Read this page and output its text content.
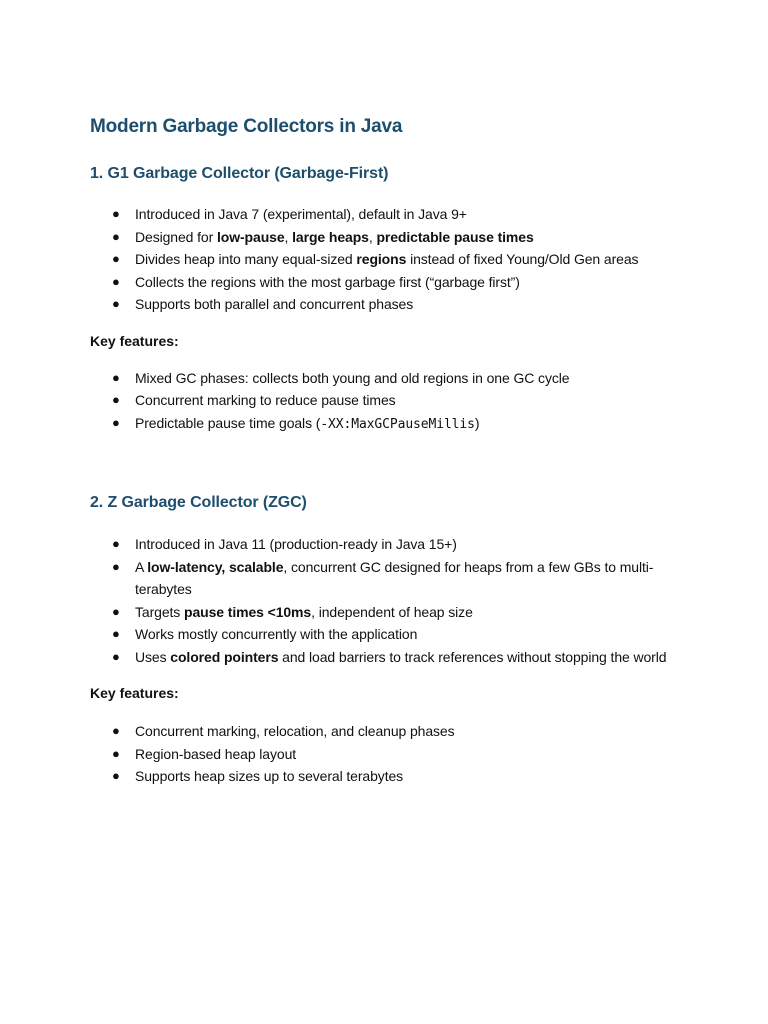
Modern Garbage Collectors in Java
1. G1 Garbage Collector (Garbage-First)
● Introduced in Java 7 (experimental), default in Java 9+
● Designed for low-pause, large heaps, predictable pause times
● Divides heap into many equal-sized regions instead of fixed Young/Old Gen areas
● Collects the regions with the most garbage first (“garbage first”)
● Supports both parallel and concurrent phases

Key features:

● Mixed GC phases: collects both young and old regions in one GC cycle
● Concurrent marking to reduce pause times
● Predictable pause time goals (-XX:MaxGCPauseMillis)
2. Z Garbage Collector (ZGC)
● Introduced in Java 11 (production-ready in Java 15+)
● A low-latency, scalable, concurrent GC designed for heaps from a few GBs to multi-terabytes
● Targets pause times <10ms, independent of heap size
● Works mostly concurrently with the application
● Uses colored pointers and load barriers to track references without stopping the world

Key features:

● Concurrent marking, relocation, and cleanup phases
● Region-based heap layout
● Supports heap sizes up to several terabytes
